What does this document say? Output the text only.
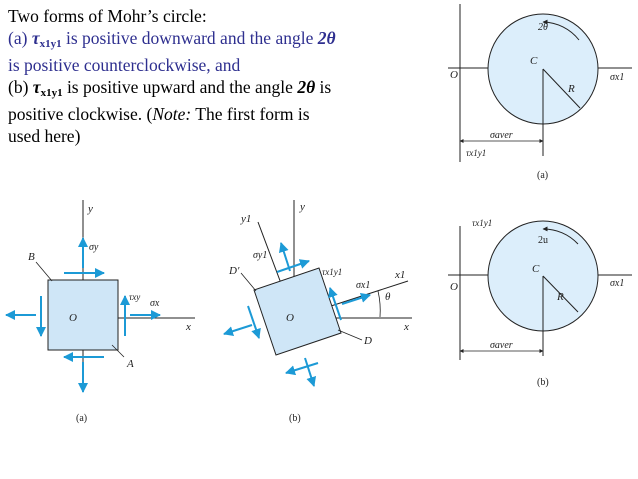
Two forms of Mohr’s circle:
(a) $\tau_{x1y1}$ is positive downward and the angle 2θ
is positive counterclockwise, and
(b) $\tau_{x1y1}$ is positive upward and the angle 2θ is
positive clockwise. (Note: The first form is
used here)
O
C
R
2θ
σx1
τx1y1
σaver
(a)
O
C
R
2u
σx1
τx1y1
σaver
(b)
y
x
O
B
A
σy
σx
τxy
(a)
y
y1
x
x1
O
θ
D′
D
σy1
σx1
τx1y1
(b)
